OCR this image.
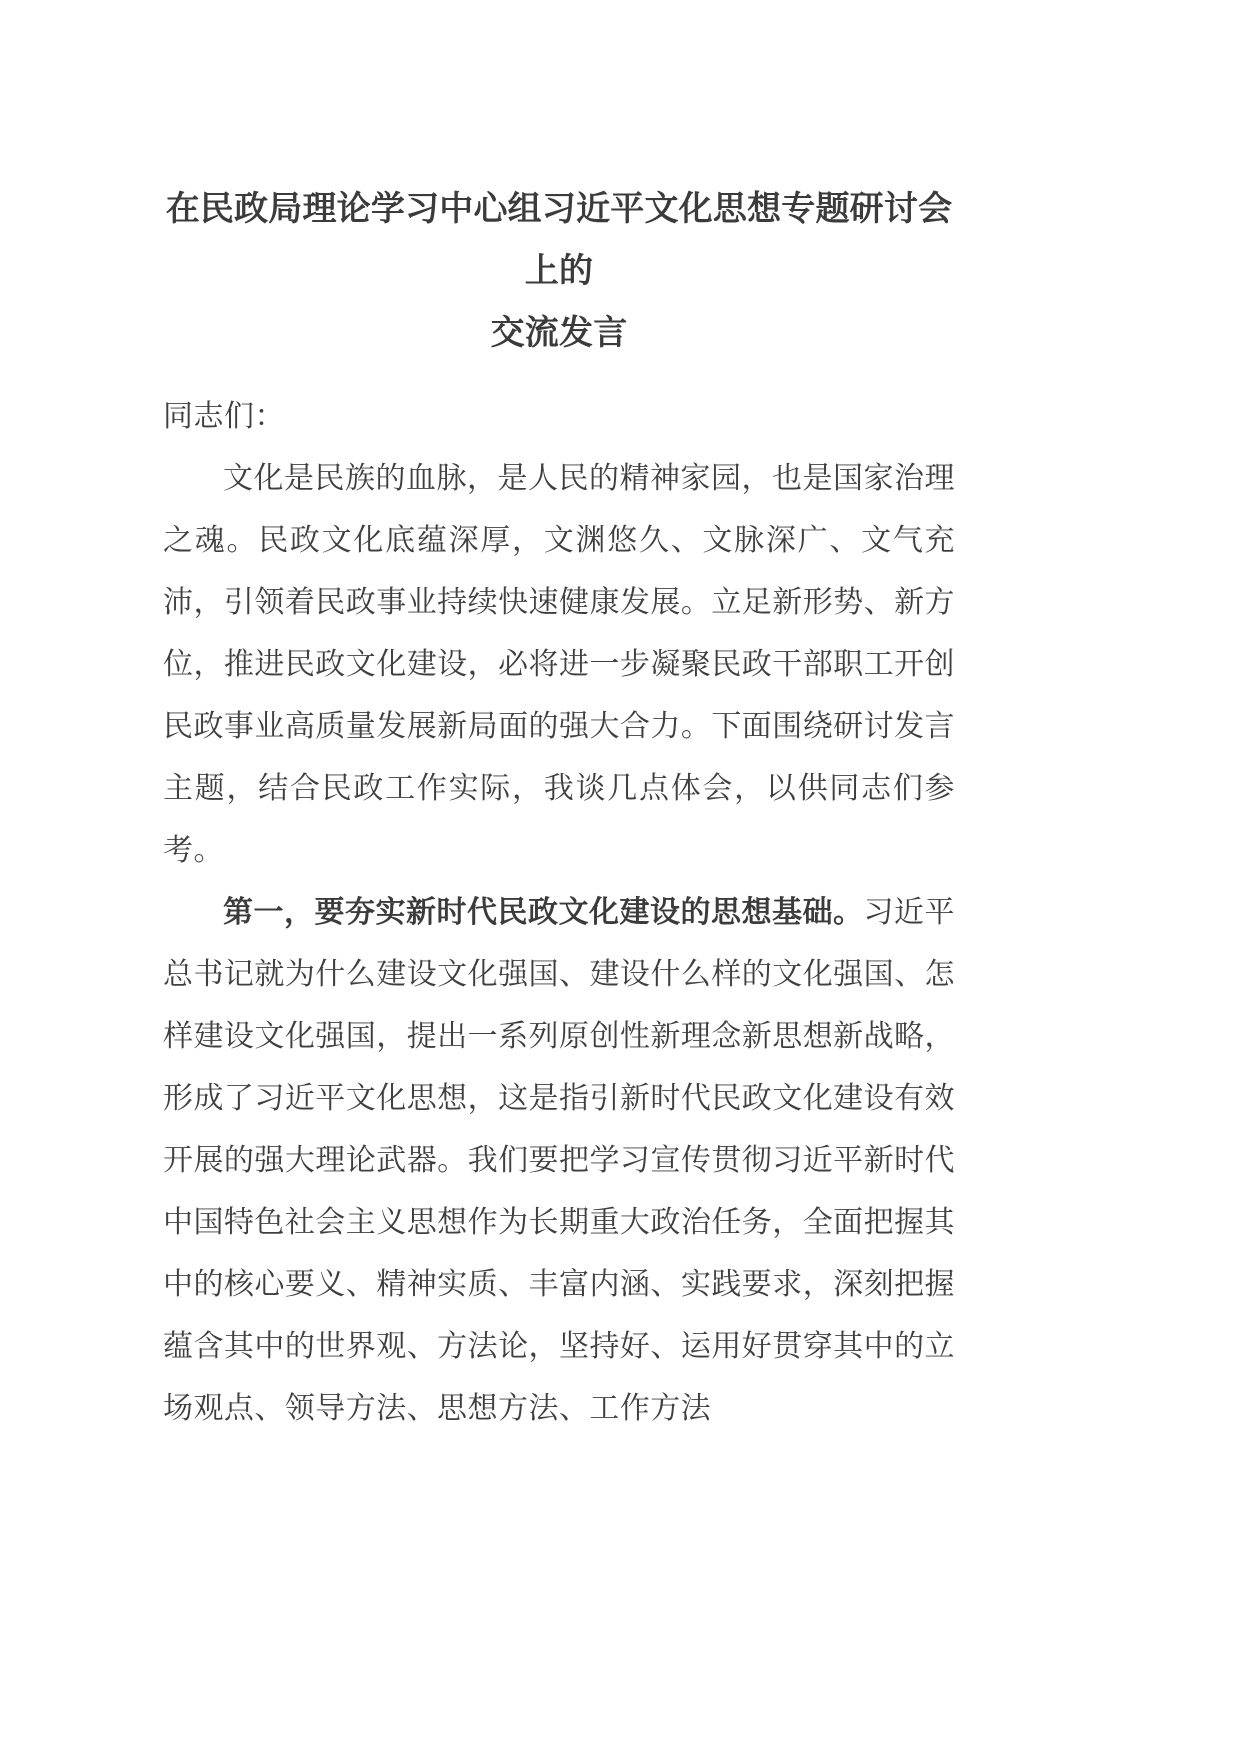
在民政局理论学习中心组习近平文化思想专题研讨会上的
交流发言

同志们：

文化是民族的血脉，是人民的精神家园，也是国家治理之魂。民政文化底蕴深厚，文渊悠久、文脉深广、文气充沛，引领着民政事业持续快速健康发展。立足新形势、新方位，推进民政文化建设，必将进一步凝聚民政干部职工开创民政事业高质量发展新局面的强大合力。下面围绕研讨发言主题，结合民政工作实际，我谈几点体会，以供同志们参考。

第一，要夯实新时代民政文化建设的思想基础。习近平总书记就为什么建设文化强国、建设什么样的文化强国、怎样建设文化强国，提出一系列原创性新理念新思想新战略，形成了习近平文化思想，这是指引新时代民政文化建设有效开展的强大理论武器。我们要把学习宣传贯彻习近平新时代中国特色社会主义思想作为长期重大政治任务，全面把握其中的核心要义、精神实质、丰富内涵、实践要求，深刻把握蕴含其中的世界观、方法论，坚持好、运用好贯穿其中的立场观点、领导方法、思想方法、工作方法
